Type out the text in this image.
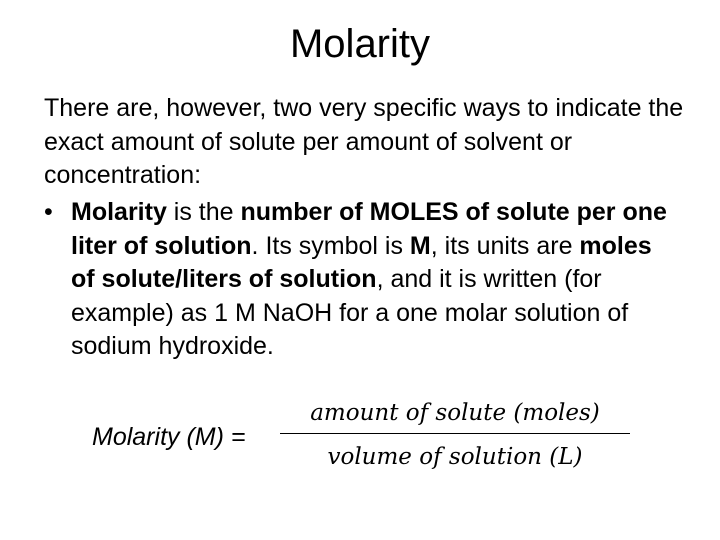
Molarity

There are, however, two very specific ways to indicate the exact amount of solute per amount of solvent or concentration:

• Molarity is the number of MOLES of solute per one liter of solution. Its symbol is M, its units are moles of solute/liters of solution, and it is written (for example) as 1 M NaOH for a one molar solution of sodium hydroxide.
Molarity (M) =
amount of solute (moles)
volume of solution (L)
